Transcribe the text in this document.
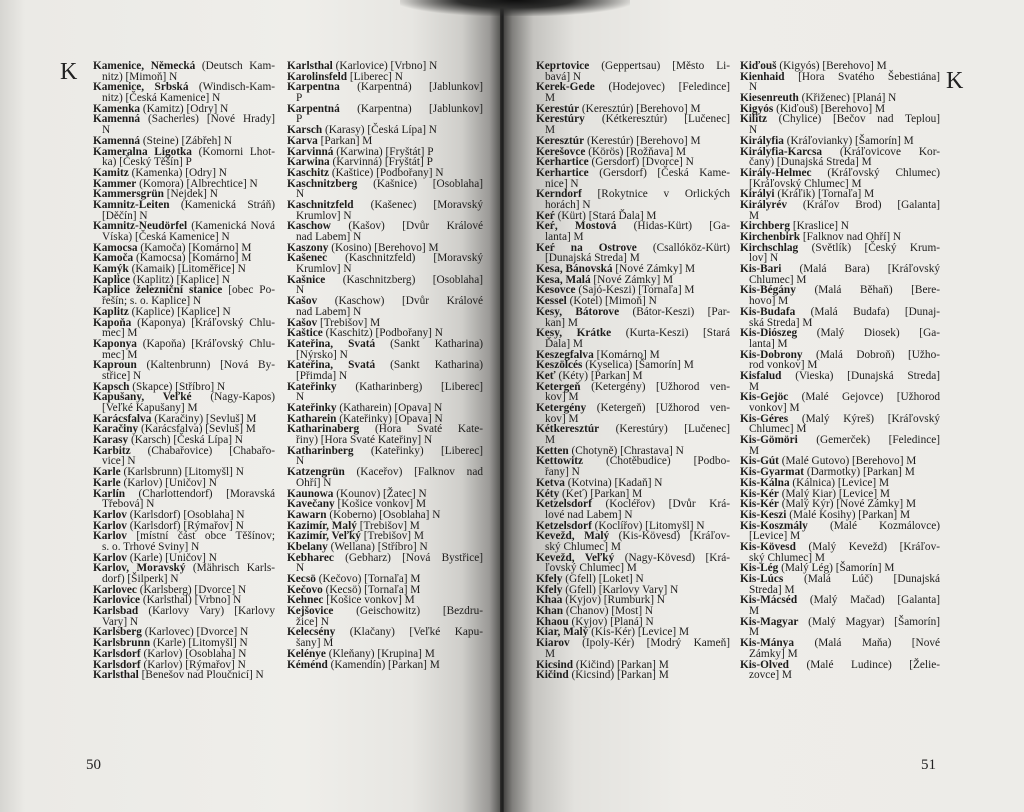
K Kamenice, Německá (Deutsch Kam-
nitz) [Mimoň] N
Kamenice, Srbská (Windisch-Kam-
nitz) [Česká Kamenice] N
Kamenka (Kamitz) [Odry] N
Kamenná (Sacherles) [Nové Hrady]
N
Kamenná (Steine) [Zábřeh] N
Kameralna Ligotka (Komorni Lhot-
ka) [Český Těšín] P
Kamitz (Kamenka) [Odry] N
Kammer (Komora) [Albrechtice] N
Kammersgrün [Nejdek] N
Kamnitz-Leiten (Kamenická Stráň)
[Děčín] N
Kamnitz-Neudörfel (Kamenická Nová
Víska) [Česká Kamenice] N
Kamocsa (Kamoča) [Komárno] M
Kamoča (Kamocsa) [Komárno] M
Kamýk (Kamaik) [Litoměřice] N
Kaplice (Kaplitz) [Kaplice] N
Kaplice železniční stanice [obec Po-
řešín; s. o. Kaplice] N
Kaplitz (Kaplice) [Kaplice] N
Kapoňa (Kaponya) [Kráľovský Chlu-
mec] M
Kaponya (Kapoňa) [Kráľovský Chlu-
mec] M
Kaproun (Kaltenbrunn) [Nová By-
střice] N
Kapsch (Skapce) [Stříbro] N
Kapušany, Veľké (Nagy-Kapos)
[Veľké Kapušany] M
Karácsfalva (Karačiny) [Sevluš] M
Karačiny (Karácsfalva) [Sevluš] M
Karasy (Karsch) [Česká Lípa] N
Karbitz (Chabařovice) [Chabařo-
vice] N
Karle (Karlsbrunn) [Litomyšl] N
Karle (Karlov) [Uničov] N
Karlín (Charlottendorf) [Moravská
Třebová] N
Karlov (Karlsdorf) [Osoblaha] N
Karlov (Karlsdorf) [Rýmařov] N
Karlov [místní část obce Těšínov;
s. o. Trhové Sviny] N
Karlov (Karle) [Uničov] N
Karlov, Moravský (Mährisch Karls-
dorf) [Šilperk] N
Karlovec (Karlsberg) [Dvorce] N
Karlovice (Karlsthal) [Vrbno] N
Karlsbad (Karlovy Vary) [Karlovy
Vary] N
Karlsberg (Karlovec) [Dvorce] N
Karlsbrunn (Karle) [Litomyšl] N
Karlsdorf (Karlov) [Osoblaha] N
Karlsdorf (Karlov) [Rýmařov] N
Karlsthal [Benešov nad Ploučnicí] N
Karlsthal (Karlovice) [Vrbno] N
Karolinsfeld [Liberec] N
Karpentna (Karpentná) [Jablunkov]
P
Karpentná (Karpentna) [Jablunkov]
P
Karsch (Karasy) [Česká Lípa] N
Karva [Parkan] M
Karvinná (Karwina) [Fryštát] P
Karwina (Karvinná) [Fryštát] P
Kaschitz (Kaštice) [Podbořany] N
Kaschnitzberg (Kašnice) [Osoblaha]
N
Kaschnitzfeld (Kašenec) [Moravský
Krumlov] N
Kaschow (Kašov) [Dvůr Králové
nad Labem] N
Kaszony (Kosino) [Berehovo] M
Kašenec (Kaschnitzfeld) [Moravský
Krumlov] N
Kašnice (Kaschnitzberg) [Osoblaha]
N
Kašov (Kaschow) [Dvůr Králové
nad Labem] N
Kašov [Trebišov] M
Kaštice (Kaschitz) [Podbořany] N
Kateřina, Svatá (Sankt Katharina)
[Nýrsko] N
Kateřina, Svatá (Sankt Katharina)
[Přimda] N
Kateřinky (Katharinberg) [Liberec]
N
Kateřinky (Katharein) [Opava] N
Katharein (Kateřinky) [Opava] N
Katharinaberg (Hora Svaté Kate-
řiny) [Hora Svaté Kateřiny] N
Katharinberg (Kateřinky) [Liberec]
N
Katzengrün (Kaceřov) [Falknov nad
Ohří] N
Kaunowa (Kounov) [Žatec] N
Kavečany [Košice vonkov] M
Kawarn (Koberno) [Osoblaha] N
Kazimír, Malý [Trebišov] M
Kazimír, Veľký [Trebišov] M
Kbelany (Wellana) [Stříbro] N
Kebharec (Gebharz) [Nová Bystřice]
N
Kecsö (Kečovo) [Tornaľa] M
Kečovo (Kecsö) [Tornaľa] M
Kehnec [Košice vonkov] M
Kejšovice (Geischowitz) [Bezdru-
žice] N
Kelecsény (Klačany) [Veľké Kapu-
šany] M
Kelénye (Kleňany) [Krupina] M
Kéménd (Kamendín) [Parkan] M
50
K
Keprtovice (Geppertsau) [Město Li-
bavá] N
Kerek-Gede (Hodejovec) [Feledince]
M
Kerestúr (Keresztúr) [Berehovo] M
Kerestúry (Kétkeresztúr) [Lučenec]
M
Keresztúr (Kerestúr) [Berehovo] M
Kerešovce (Körös) [Rožňava] M
Kerhartice (Gersdorf) [Dvorce] N
Kerhartice (Gersdorf) [Česká Kame-
nice] N
Kerndorf [Rokytnice v Orlických
horách] N
Keŕ (Kürt) [Stará Ďala] M
Keŕ, Mostová (Hidas-Kürt) [Ga-
lanta] M
Keŕ na Ostrove (Csallóköz-Kürt)
[Dunajská Streda] M
Kesa, Bánovská [Nové Zámky] M
Kesa, Malá [Nové Zámky] M
Kesovce (Sajó-Keszi) [Tornaľa] M
Kessel (Kotel) [Mimoň] N
Kesy, Bátorove (Bátor-Keszi) [Par-
kan] M
Kesy, Krátke (Kurta-Keszi) [Stará
Ďala] M
Keszegfalva [Komárno] M
Keszölcés (Kyselica) [Šamorín] M
Keť (Kéty) [Parkan] M
Ketergeň (Ketergény) [Užhorod ven-
kov] M
Ketergény (Ketergeň) [Užhorod ven-
kov] M
Kétkeresztúr (Kerestúry) [Lučenec]
M
Ketten (Chotyně) [Chrastava] N
Kettowitz (Chotěbudice) [Podbo-
řany] N
Ketva (Kotvina) [Kadaň] N
Kéty (Keť) [Parkan] M
Ketzelsdorf (Kocléřov) [Dvůr Krá-
lové nad Labem] N
Ketzelsdorf (Koclířov) [Litomyšl] N
Kevežd, Malý (Kis-Kövesd) [Kráľov-
ský Chlumec] M
Kevežd, Veľký (Nagy-Kövesd) [Krá-
ľovský Chlumec] M
Kfely (Gfell) [Loket] N
Kfely (Gfell) [Karlovy Vary] N
Khaa (Kyjov) [Rumburk] N
Khan (Chanov) [Most] N
Khaou (Kyjov) [Planá] N
Kiar, Malý (Kis-Kér) [Levice] M
Kiarov (Ipoly-Kér) [Modrý Kameň]
M
Kicsind (Kičind) [Parkan] M
Kičind (Kicsind) [Parkan] M
Kiďouš (Kigyós) [Berehovo] M
Kienhaid [Hora Svatého Šebestiána]
N
Kiesenreuth (Křiženec) [Planá] N
Kigyós (Kiďouš) [Berehovo] M
Kilitz (Chylice) [Bečov nad Teplou]
N
Királyfia (Kráľovianky) [Šamorín] M
Királyfia-Karcsa (Kráľovicove Kor-
čany) [Dunajská Streda] M
Király-Helmec (Kráľovský Chlumec)
[Kráľovský Chlumec] M
Királyi (Kráľik) [Tornaľa] M
Királyrév (Kráľov Brod) [Galanta]
M
Kirchberg [Kraslice] N
Kirchenbirk [Falknov nad Ohří] N
Kirchschlag (Světlík) [Český Krum-
lov] N
Kis-Bari (Malá Bara) [Kráľovský
Chlumec] M
Kis-Bégány (Malá Běhaň) [Bere-
hovo] M
Kis-Budafa (Malá Budafa) [Dunaj-
ská Streda] M
Kis-Diószeg (Malý Diosek) [Ga-
lanta] M
Kis-Dobrony (Malá Dobroň) [Užho-
rod vonkov] M
Kisfalud (Vieska) [Dunajská Streda]
M
Kis-Gejöc (Malé Gejovce) [Užhorod
vonkov] M
Kis-Géres (Malý Kýreš) [Kráľovský
Chlumec] M
Kis-Gömöri (Gemerček) [Feledince]
M
Kis-Gút (Malé Gutovo) [Berehovo] M
Kis-Gyarmat (Darmotky) [Parkan] M
Kis-Kálna (Kálnica) [Levice] M
Kis-Kér (Malý Kiar) [Levice] M
Kis-Kér (Malý Kýr) [Nové Zámky] M
Kis-Keszi (Malé Kosihy) [Parkan] M
Kis-Koszmály (Malé Kozmálovce)
[Levice] M
Kis-Kövesd (Malý Kevežd) [Kráľov-
ský Chlumec] M
Kis-Lég (Malý Lég) [Šamorín] M
Kis-Lúcs (Malá Lúč) [Dunajská
Streda] M
Kis-Mácséd (Malý Mačad) [Galanta]
M
Kis-Magyar (Malý Magyar) [Šamorín]
M
Kis-Mánya (Malá Maňa) [Nové
Zámky] M
Kis-Olved (Malé Ludince) [Želie-
zovce] M
51
